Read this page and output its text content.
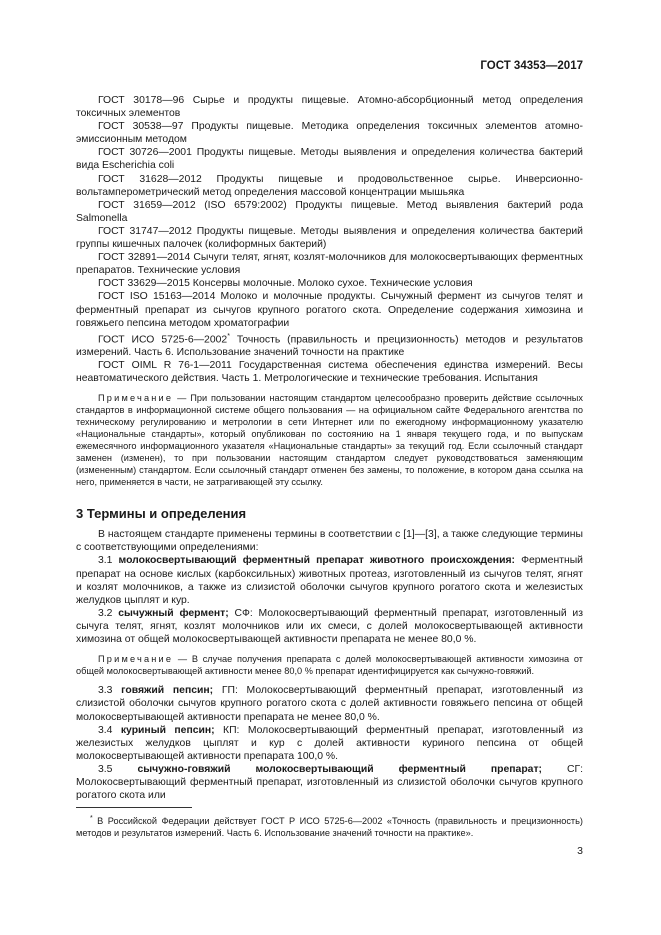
ГОСТ 34353—2017

ГОСТ 30178—96 Сырье и продукты пищевые. Атомно-абсорбционный метод определения токсичных элементов

ГОСТ 30538—97 Продукты пищевые. Методика определения токсичных элементов атомно-эмиссионным методом

ГОСТ 30726—2001 Продукты пищевые. Методы выявления и определения количества бактерий вида Escherichia coli

ГОСТ 31628—2012 Продукты пищевые и продовольственное сырье. Инверсионно-вольтамперометрический метод определения массовой концентрации мышьяка

ГОСТ 31659—2012 (ISO 6579:2002) Продукты пищевые. Метод выявления бактерий рода Salmonella

ГОСТ 31747—2012 Продукты пищевые. Методы выявления и определения количества бактерий группы кишечных палочек (колиформных бактерий)

ГОСТ 32891—2014 Сычуги телят, ягнят, козлят-молочников для молокосвертывающих ферментных препаратов. Технические условия

ГОСТ 33629—2015 Консервы молочные. Молоко сухое. Технические условия

ГОСТ ISO 15163—2014 Молоко и молочные продукты. Сычужный фермент из сычугов телят и ферментный препарат из сычугов крупного рогатого скота. Определение содержания химозина и говяжьего пепсина методом хроматографии

ГОСТ ИСО 5725-6—2002* Точность (правильность и прецизионность) методов и результатов измерений. Часть 6. Использование значений точности на практике

ГОСТ OIML R 76-1—2011 Государственная система обеспечения единства измерений. Весы неавтоматического действия. Часть 1. Метрологические и технические требования. Испытания

Примечание — При пользовании настоящим стандартом целесообразно проверить действие ссылочных стандартов в информационной системе общего пользования — на официальном сайте Федерального агентства по техническому регулированию и метрологии в сети Интернет или по ежегодному информационному указателю «Национальные стандарты», который опубликован по состоянию на 1 января текущего года, и по выпускам ежемесячного информационного указателя «Национальные стандарты» за текущий год. Если ссылочный стандарт заменен (изменен), то при пользовании настоящим стандартом следует руководствоваться заменяющим (измененным) стандартом. Если ссылочный стандарт отменен без замены, то положение, в котором дана ссылка на него, применяется в части, не затрагивающей эту ссылку.

3 Термины и определения

В настоящем стандарте применены термины в соответствии с [1]—[3], а также следующие термины с соответствующими определениями:

3.1 молокосвертывающий ферментный препарат животного происхождения: Ферментный препарат на основе кислых (карбоксильных) животных протеаз, изготовленный из сычугов телят, ягнят и козлят молочников, а также из слизистой оболочки сычугов крупного рогатого скота и железистых желудков цыплят и кур.

3.2 сычужный фермент; СФ: Молокосвертывающий ферментный препарат, изготовленный из сычуга телят, ягнят, козлят молочников или их смеси, с долей молокосвертывающей активности химозина от общей молокосвертывающей активности препарата не менее 80,0 %.

Примечание — В случае получения препарата с долей молокосвертывающей активности химозина от общей молокосвертывающей активности менее 80,0 % препарат идентифицируется как сычужно-говяжий.

3.3 говяжий пепсин; ГП: Молокосвертывающий ферментный препарат, изготовленный из слизистой оболочки сычугов крупного рогатого скота с долей активности говяжьего пепсина от общей молокосвертывающей активности препарата не менее 80,0 %.

3.4 куриный пепсин; КП: Молокосвертывающий ферментный препарат, изготовленный из железистых желудков цыплят и кур с долей активности куриного пепсина от общей молокосвертывающей активности препарата 100,0 %.

3.5 сычужно-говяжий молокосвертывающий ферментный препарат; СГ: Молокосвертывающий ферментный препарат, изготовленный из слизистой оболочки сычугов крупного рогатого скота или

* В Российской Федерации действует ГОСТ Р ИСО 5725-6—2002 «Точность (правильность и прецизионность) методов и результатов измерений. Часть 6. Использование значений точности на практике».

3
